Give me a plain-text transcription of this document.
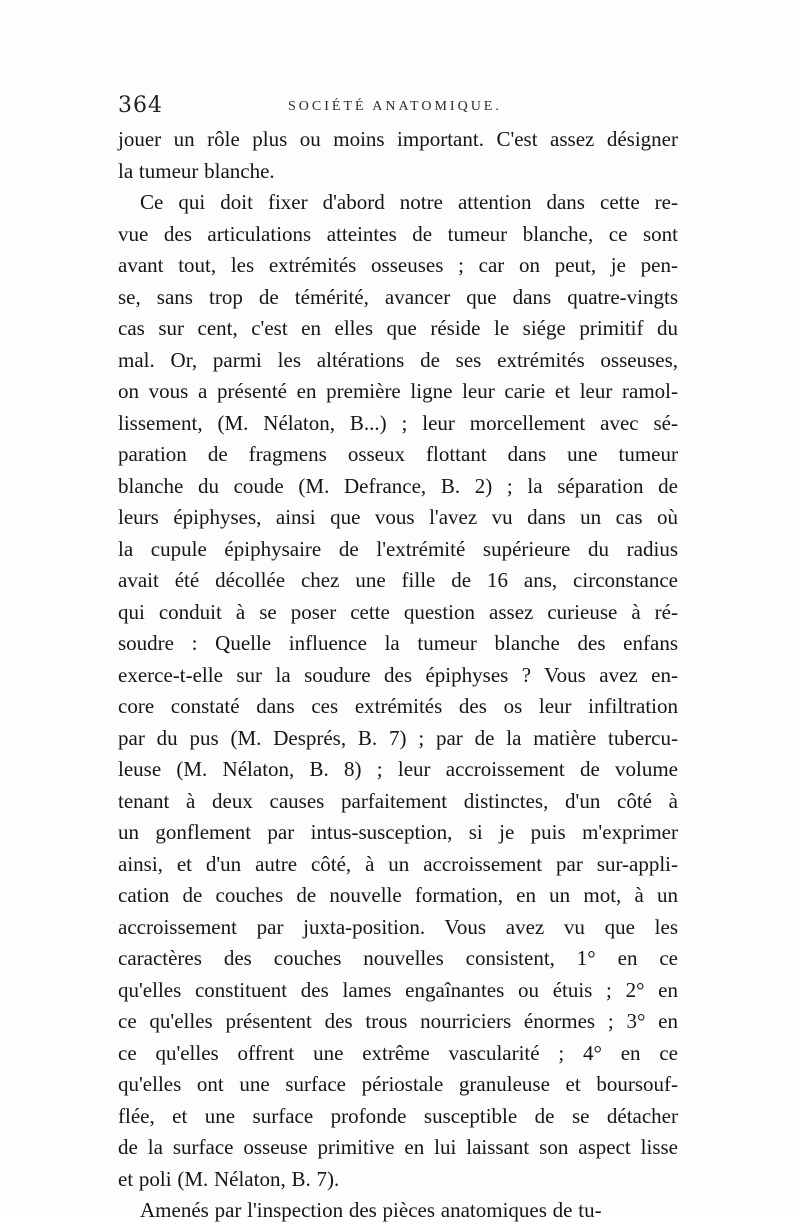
364	SOCIÉTÉ ANATOMIQUE.
jouer un rôle plus ou moins important. C'est assez désigner
la tumeur blanche.
Ce qui doit fixer d'abord notre attention dans cette re-
vue des articulations atteintes de tumeur blanche, ce sont
avant tout, les extrémités osseuses ; car on peut, je pen-
se, sans trop de témérité, avancer que dans quatre-vingts
cas sur cent, c'est en elles que réside le siége primitif du
mal. Or, parmi les altérations de ses extrémités osseuses,
on vous a présenté en première ligne leur carie et leur ramol-
lissement, (M. Nélaton, B...) ; leur morcellement avec sé-
paration de fragmens osseux flottant dans une tumeur
blanche du coude (M. Defrance, B. 2) ; la séparation de
leurs épiphyses, ainsi que vous l'avez vu dans un cas où
la cupule épiphysaire de l'extrémité supérieure du radius
avait été décollée chez une fille de 16 ans, circonstance
qui conduit à se poser cette question assez curieuse à ré-
soudre : Quelle influence la tumeur blanche des enfans
exerce-t-elle sur la soudure des épiphyses ? Vous avez en-
core constaté dans ces extrémités des os leur infiltration
par du pus (M. Després, B. 7) ; par de la matière tubercu-
leuse (M. Nélaton, B. 8) ; leur accroissement de volume
tenant à deux causes parfaitement distinctes, d'un côté à
un gonflement par intus-susception, si je puis m'exprimer
ainsi, et d'un autre côté, à un accroissement par sur-appli-
cation de couches de nouvelle formation, en un mot, à un
accroissement par juxta-position. Vous avez vu que les
caractères des couches nouvelles consistent, 1° en ce
qu'elles constituent des lames engaînantes ou étuis ; 2° en
ce qu'elles présentent des trous nourriciers énormes ; 3° en
ce qu'elles offrent une extrême vascularité ; 4° en ce
qu'elles ont une surface périostale granuleuse et boursouf-
flée, et une surface profonde susceptible de se détacher
de la surface osseuse primitive en lui laissant son aspect lisse
et poli (M. Nélaton, B. 7).
Amenés par l'inspection des pièces anatomiques de tu-
